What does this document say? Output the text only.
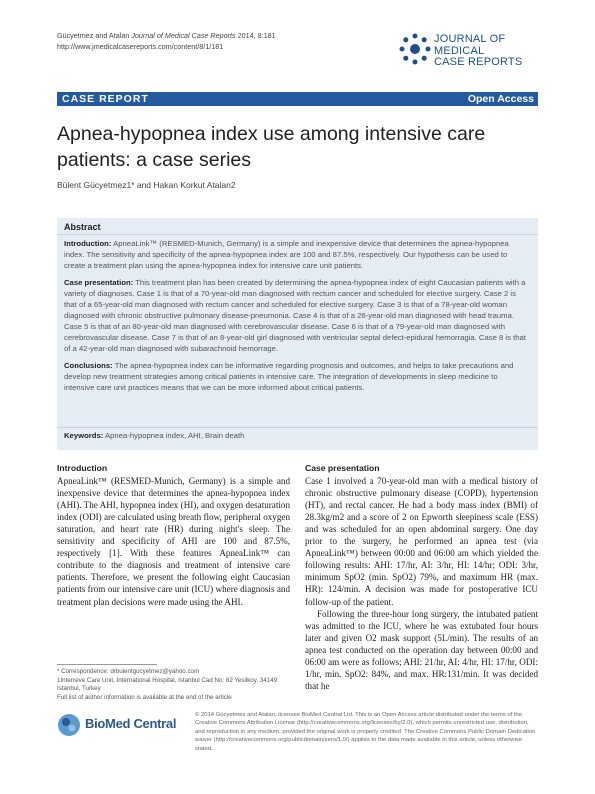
Gücyetmez and Atalan Journal of Medical Case Reports 2014, 8:181
http://www.jmedicalcasereports.com/content/8/1/181
JOURNAL OF MEDICAL
CASE REPORTS
CASE REPORT	Open Access
Apnea-hypopnea index use among intensive care patients: a case series
Bülent Gücyetmez1* and Hakan Korkut Atalan2
Abstract

Introduction: ApneaLink™ (RESMED-Munich, Germany) is a simple and inexpensive device that determines the apnea-hypopnea index. The sensitivity and specificity of the apnea-hypopnea index are 100 and 87.5%, respectively. Our hypothesis can be used to create a treatment plan using the apnea-hypopnea index for intensive care unit patients.

Case presentation: This treatment plan has been created by determining the apnea-hypopnea index of eight Caucasian patients with a variety of diagnoses. Case 1 is that of a 70-year-old man diagnosed with rectum cancer and scheduled for elective surgery. Case 2 is that of a 65-year-old man diagnosed with rectum cancer and scheduled for elective surgery. Case 3 is that of a 78-year-old woman diagnosed with chronic obstructive pulmonary disease-pneumonia. Case 4 is that of a 26-year-old man diagnosed with head trauma. Case 5 is that of an 80-year-old man diagnosed with cerebrovascular disease. Case 6 is that of a 79-year-old man diagnosed with cerebrovascular disease. Case 7 is that of an 8-year-old girl diagnosed with ventricular septal defect-epidural hemorragia. Case 8 is that of a 42-year-old man diagnosed with subarachnoid hemorrage.

Conclusions: The apnea-hypopnea index can be informative regarding prognosis and outcomes, and helps to take precautions and develop new treatment strategies among critical patients in intensive care. The integration of developments in sleep medicine to intensive care unit practices means that we can be more informed about critical patients.

Keywords: Apnea-hypopnea index, AHI, Brain death
Introduction

ApneaLink™ (RESMED-Munich, Germany) is a simple and inexpensive device that determines the apnea-hypopnea index (AHI). The AHI, hypopnea index (HI), and oxygen desaturation index (ODI) are calculated using breath flow, peripheral oxygen saturation, and heart rate (HR) during night's sleep. The sensitivity and specificity of AHI are 100 and 87.5%, respectively [1]. With these features ApneaLink™ can contribute to the diagnosis and treatment of intensive care patients. Therefore, we present the following eight Caucasian patients from our intensive care unit (ICU) where diagnosis and treatment plan decisions were made using the AHI.

Case presentation

Case 1 involved a 70-year-old man with a medical history of chronic obstructive pulmonary disease (COPD), hypertension (HT), and rectal cancer. He had a body mass index (BMI) of 28.3kg/m2 and a score of 2 on Epworth sleepiness scale (ESS) and was scheduled for an open abdominal surgery. One day prior to the surgery, he performed an apnea test (via ApneaLink™) between 00:00 and 06:00 am which yielded the following results: AHI: 17/hr, AI: 3/hr, HI: 14/hr; ODI: 3/hr, minimum SpO2 (min. SpO2) 79%, and maximum HR (max. HR): 124/min. A decision was made for postoperative ICU follow-up of the patient.

Following the three-hour long surgery, the intubated patient was admitted to the ICU, where he was extubated four hours later and given O2 mask support (5L/min). The results of an apnea test conducted on the operation day between 00:00 and 06:00 am were as follows; AHI: 21/hr, AI: 4/hr, HI: 17/hr, ODI: 1/hr, min. SpO2: 84%, and max. HR:131/min. It was decided that he

* Correspondence: drbulentgucyetmez@yahoo.com
1Intensive Care Unit, International Hospital, Istanbul Cad No: 82 Yesilkoy, 34149 Istanbul, Turkey
Full list of author information is available at the end of the article
BioMed Central
© 2014 Gücyetmez and Atalan; licensee BioMed Central Ltd. This is an Open Access article distributed under the terms of the Creative Commons Attribution License (http://creativecommons.org/licenses/by/2.0), which permits unrestricted use, distribution, and reproduction in any medium, provided the original work is properly credited. The Creative Commons Public Domain Dedication waiver (http://creativecommons.org/publicdomain/zero/1.0/) applies to the data made available in this article, unless otherwise stated.
